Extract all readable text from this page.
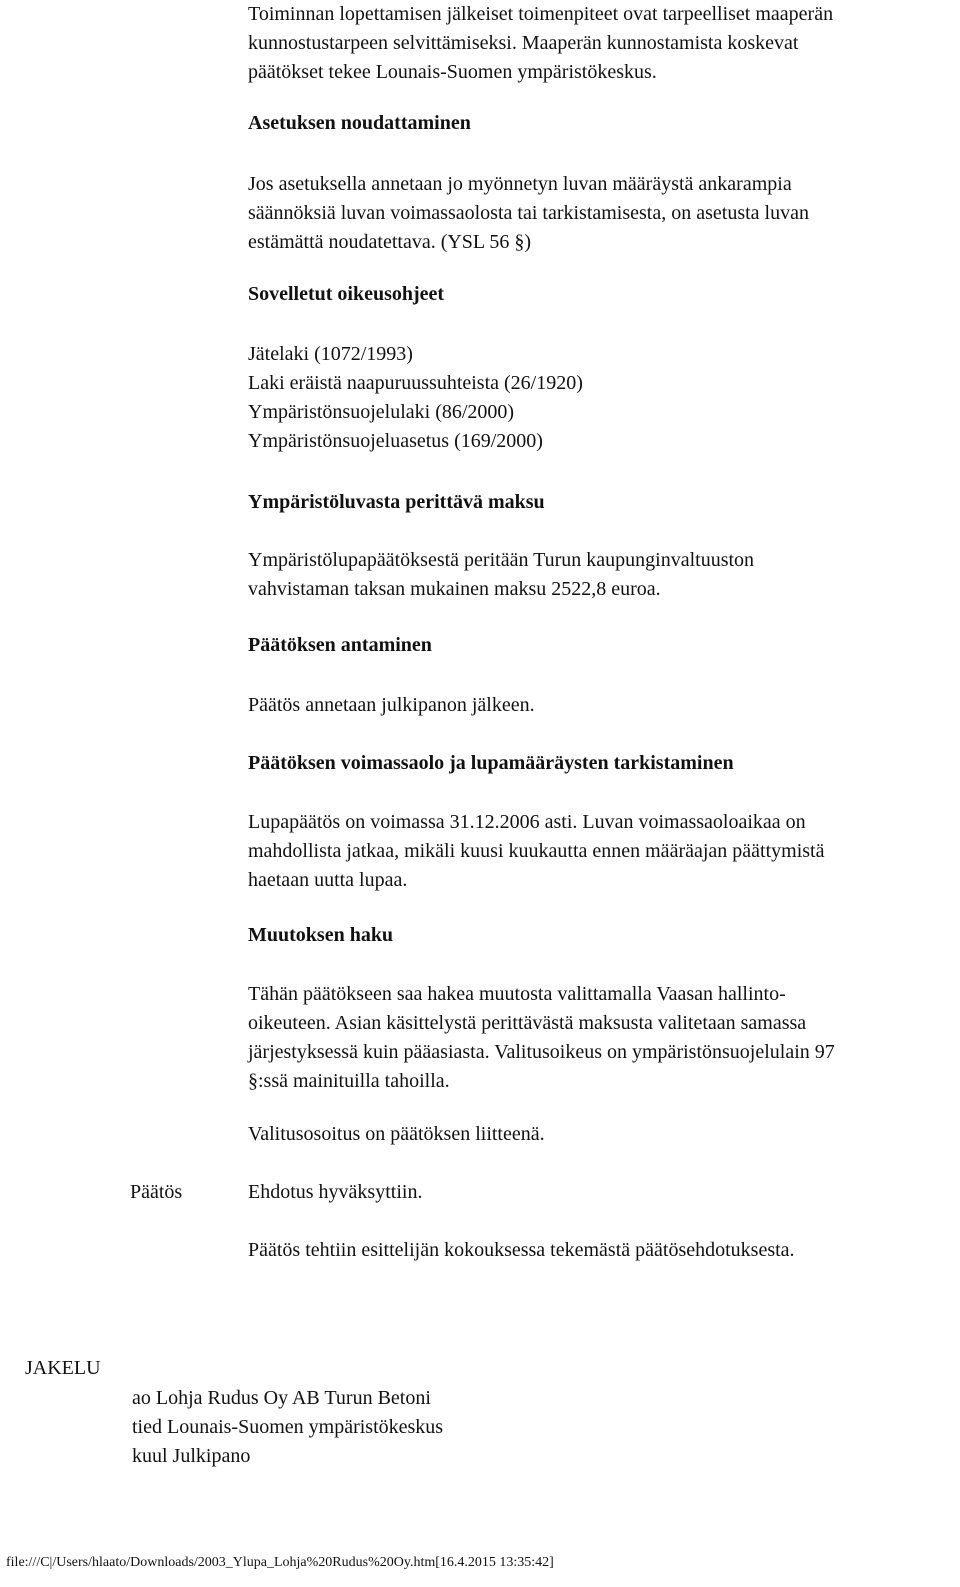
Toiminnan lopettamisen jälkeiset toimenpiteet ovat tarpeelliset maaperän
kunnostustarpeen selvittämiseksi. Maaperän kunnostamista koskevat
päätökset tekee Lounais-Suomen ympäristökeskus.
Asetuksen noudattaminen
Jos asetuksella annetaan jo myönnetyn luvan määräystä ankarampia
säännöksiä luvan voimassaolosta tai tarkistamisesta, on asetusta luvan
estämättä noudatettava. (YSL 56 §)
Sovelletut oikeusohjeet
Jätelaki (1072/1993)
Laki eräistä naapuruussuhteista (26/1920)
Ympäristönsuojelulaki (86/2000)
Ympäristönsuojeluasetus (169/2000)
Ympäristöluvasta perittävä maksu
Ympäristölupapäätöksestä peritään Turun kaupunginvaltuuston
vahvistaman taksan mukainen maksu 2522,8 euroa.
Päätöksen antaminen
Päätös annetaan julkipanon jälkeen.
Päätöksen voimassaolo ja lupamääräysten tarkistaminen
Lupapäätös on voimassa 31.12.2006 asti. Luvan voimassaoloaikaa on
mahdollista jatkaa, mikäli kuusi kuukautta ennen määräajan päättymistä
haetaan uutta lupaa.
Muutoksen haku
Tähän päätökseen saa hakea muutosta valittamalla Vaasan hallinto-
oikeuteen. Asian käsittelystä perittävästä maksusta valitetaan samassa
järjestyksessä kuin pääasiasta. Valitusoikeus on ympäristönsuojelulain 97
§:ssä mainituilla tahoilla.
Valitusosoitus on päätöksen liitteenä.
Päätös	Ehdotus hyväksyttiin.
Päätös tehtiin esittelijän kokouksessa tekemästä päätösehdotuksesta.
JAKELU
ao Lohja Rudus Oy AB Turun Betoni
tied Lounais-Suomen ympäristökeskus
kuul Julkipano
file:///C|/Users/hlaato/Downloads/2003_Ylupa_Lohja%20Rudus%20Oy.htm[16.4.2015 13:35:42]
